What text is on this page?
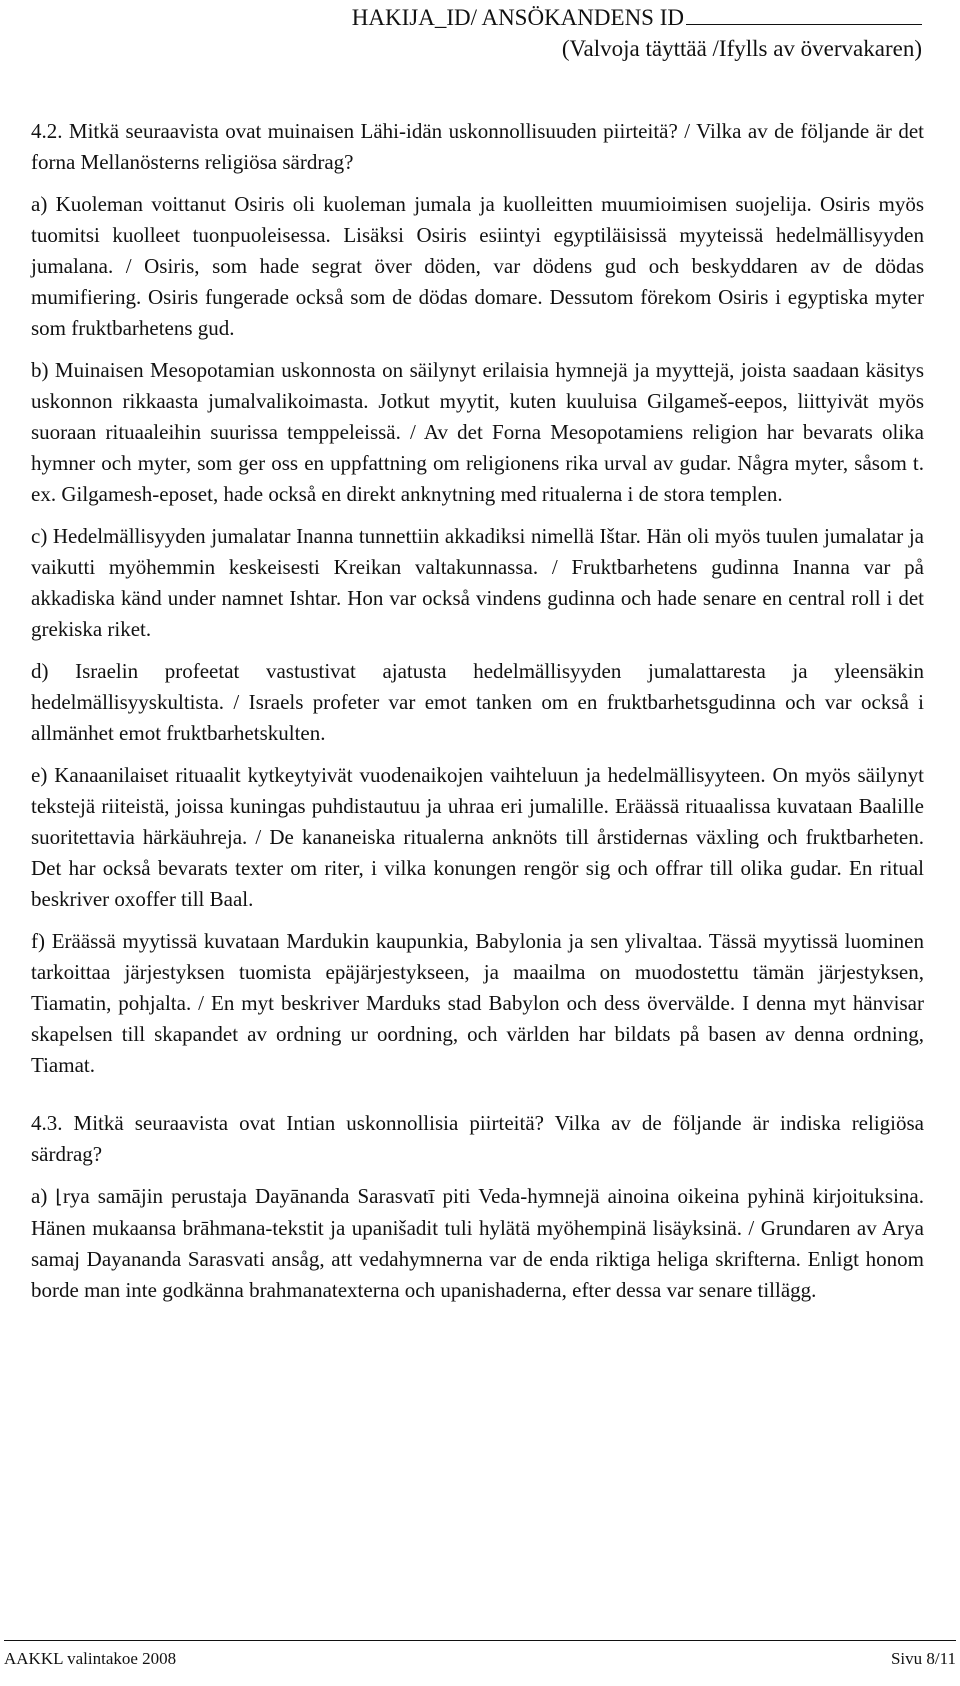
HAKIJA_ID/ ANSÖKANDENS ID
(Valvoja täyttää /Ifylls av övervakaren)

4.2. Mitkä seuraavista ovat muinaisen Lähi-idän uskonnollisuuden piirteitä? / Vilka av de följande är det forna Mellanösterns religiösa särdrag?

a) Kuoleman voittanut Osiris oli kuoleman jumala ja kuolleitten muumioimisen suojelija. Osiris myös tuomitsi kuolleet tuonpuoleisessa. Lisäksi Osiris esiintyi egyptiläisissä myyteissä hedelmällisyyden jumalana. / Osiris, som hade segrat över döden, var dödens gud och beskyddaren av de dödas mumifiering. Osiris fungerade också som de dödas domare. Dessutom förekom Osiris i egyptiska myter som fruktbarhetens gud.

b) Muinaisen Mesopotamian uskonnosta on säilynyt erilaisia hymnejä ja myyttejä, joista saadaan käsitys uskonnon rikkaasta jumalvalikoimasta. Jotkut myytit, kuten kuuluisa Gilgameš-eepos, liittyivät myös suoraan rituaaleihin suurissa temppeleissä. / Av det Forna Mesopotamiens religion har bevarats olika hymner och myter, som ger oss en uppfattning om religionens rika urval av gudar. Några myter, såsom t. ex. Gilgamesh-eposet, hade också en direkt anknytning med ritualerna i de stora templen.

c) Hedelmällisyyden jumalatar Inanna tunnettiin akkadiksi nimellä Ištar. Hän oli myös tuulen jumalatar ja vaikutti myöhemmin keskeisesti Kreikan valtakunnassa. / Fruktbarhetens gudinna Inanna var på akkadiska känd under namnet Ishtar. Hon var också vindens gudinna och hade senare en central roll i det grekiska riket.

d) Israelin profeetat vastustivat ajatusta hedelmällisyyden jumalattaresta ja yleensäkin hedelmällisyyskultista. / Israels profeter var emot tanken om en fruktbarhetsgudinna och var också i allmänhet emot fruktbarhetskulten.

e) Kanaanilaiset rituaalit kytkeytyivät vuodenaikojen vaihteluun ja hedelmällisyyteen. On myös säilynyt tekstejä riiteistä, joissa kuningas puhdistautuu ja uhraa eri jumalille. Eräässä rituaalissa kuvataan Baalille suoritettavia härkäuhreja. / De kananeiska ritualerna anknöts till årstidernas växling och fruktbarheten. Det har också bevarats texter om riter, i vilka konungen rengör sig och offrar till olika gudar. En ritual beskriver oxoffer till Baal.

f) Eräässä myytissä kuvataan Mardukin kaupunkia, Babylonia ja sen ylivaltaa. Tässä myytissä luominen tarkoittaa järjestyksen tuomista epäjärjestykseen, ja maailma on muodostettu tämän järjestyksen, Tiamatin, pohjalta. / En myt beskriver Marduks stad Babylon och dess övervälde. I denna myt hänvisar skapelsen till skapandet av ordning ur oordning, och världen har bildats på basen av denna ordning, Tiamat.

4.3. Mitkä seuraavista ovat Intian uskonnollisia piirteitä? Vilka av de följande är indiska religiösa särdrag?

a) ⌊rya samājin perustaja Dayānanda Sarasvatī piti Veda-hymnejä ainoina oikeina pyhinä kirjoituksina. Hänen mukaansa brāhmana-tekstit ja upanišadit tuli hylätä myöhempinä lisäyksinä. / Grundaren av Arya samaj Dayananda Sarasvati ansåg, att vedahymnerna var de enda riktiga heliga skrifterna. Enligt honom borde man inte godkänna brahmanatexterna och upanishaderna, efter dessa var senare tillägg.

AAKKL valintakoe 2008	Sivu 8/11
